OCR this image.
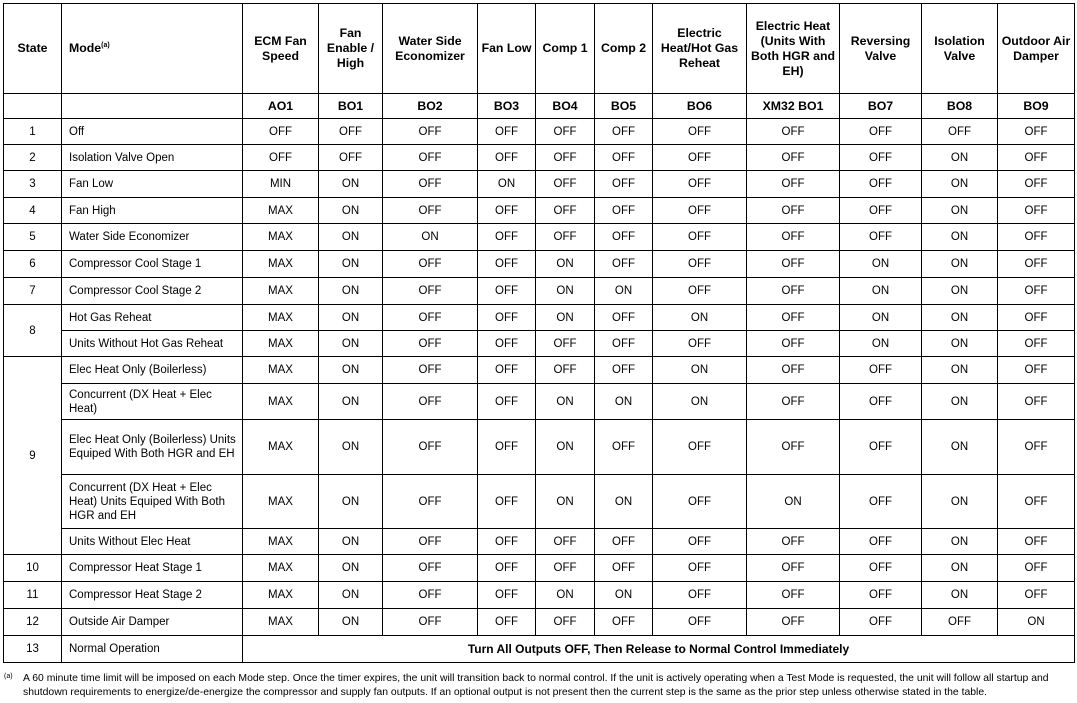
State	Mode$^{(a)}$	ECM Fan Speed	Fan Enable / High	Water Side Economizer	Fan Low	Comp 1	Comp 2	Electric Heat/Hot Gas Reheat	Electric Heat (Units With Both HGR and EH)	Reversing Valve	Isolation Valve	Outdoor Air Damper
		AO1	BO1	BO2	BO3	BO4	BO5	BO6	XM32 BO1	BO7	BO8	BO9
1	Off	OFF	OFF	OFF	OFF	OFF	OFF	OFF	OFF	OFF	OFF	OFF
2	Isolation Valve Open	OFF	OFF	OFF	OFF	OFF	OFF	OFF	OFF	OFF	ON	OFF
3	Fan Low	MIN	ON	OFF	ON	OFF	OFF	OFF	OFF	OFF	ON	OFF
4	Fan High	MAX	ON	OFF	OFF	OFF	OFF	OFF	OFF	OFF	ON	OFF
5	Water Side Economizer	MAX	ON	ON	OFF	OFF	OFF	OFF	OFF	OFF	ON	OFF
6	Compressor Cool Stage 1	MAX	ON	OFF	OFF	ON	OFF	OFF	OFF	ON	ON	OFF
7	Compressor Cool Stage 2	MAX	ON	OFF	OFF	ON	ON	OFF	OFF	ON	ON	OFF
8	Hot Gas Reheat	MAX	ON	OFF	OFF	ON	OFF	ON	OFF	ON	ON	OFF
	Units Without Hot Gas Reheat	MAX	ON	OFF	OFF	OFF	OFF	OFF	OFF	ON	ON	OFF
9	Elec Heat Only (Boilerless)	MAX	ON	OFF	OFF	OFF	OFF	ON	OFF	OFF	ON	OFF
	Concurrent (DX Heat + Elec Heat)	MAX	ON	OFF	OFF	ON	ON	ON	OFF	OFF	ON	OFF
	Elec Heat Only (Boilerless) Units Equiped With Both HGR and EH	MAX	ON	OFF	OFF	ON	OFF	OFF	OFF	OFF	ON	OFF
	Concurrent (DX Heat + Elec Heat) Units Equiped With Both HGR and EH	MAX	ON	OFF	OFF	ON	ON	OFF	ON	OFF	ON	OFF
	Units Without Elec Heat	MAX	ON	OFF	OFF	OFF	OFF	OFF	OFF	OFF	ON	OFF
10	Compressor Heat Stage 1	MAX	ON	OFF	OFF	OFF	OFF	OFF	OFF	OFF	ON	OFF
11	Compressor Heat Stage 2	MAX	ON	OFF	OFF	ON	ON	OFF	OFF	OFF	ON	OFF
12	Outside Air Damper	MAX	ON	OFF	OFF	OFF	OFF	OFF	OFF	OFF	OFF	ON
13	Normal Operation	Turn All Outputs OFF, Then Release to Normal Control Immediately										
(a)	A 60 minute time limit will be imposed on each Mode step. Once the timer expires, the unit will transition back to normal control. If the unit is actively operating when a Test Mode is requested, the unit will follow all startup and shutdown requirements to energize/de-energize the compressor and supply fan outputs. If an optional output is not present then the current step is the same as the prior step unless otherwise stated in the table.
